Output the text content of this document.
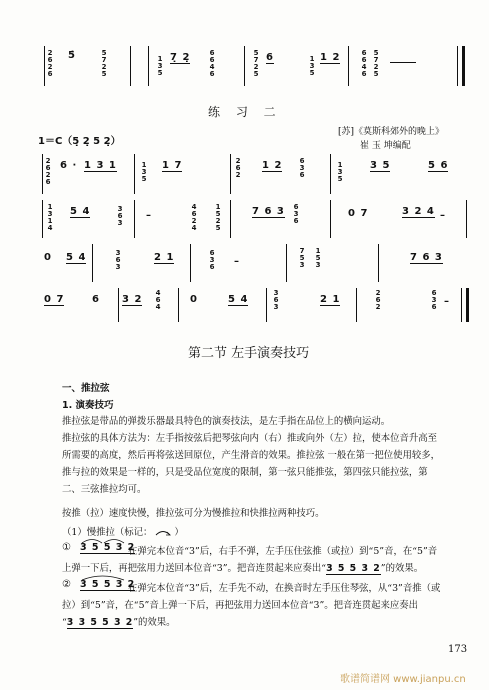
2
6
2
6
5̇	5
7
2
5
1
3
5
7̣ 2̣	6
6
4
6
5
7
2
5
6	1
3
5
1 2	6
6
4
6
5
7
2
5
练 习 二
1＝C（5̣ 2̣ 5 2̣）
[苏]《莫斯科郊外的晚上》
崔 玉 坤编配
2
6
2
6
6 · 1 3 1	1
3
5
1 7	2
6
2
1 2 6
3
6
1
3
5
3 5	5 6
1
3
1
4
5 4	3
6
3
–
4
6
2
4
1
5
2
5
7 6 3 6
3
6
0 7	3 2 4 –
0 5 4	3
6
3
2 1	6
3
6 –
7
5
3
1
5
3
7 6 3
0 7	6 3 2
4
6
4
0	5 4
3
6
3
2 1
2
6
2
6
3
6 –
第二节 左手演奏技巧
一、推拉弦
1. 演奏技巧
推拉弦是带品的弹拨乐器最具特色的演奏技法，是左手指在品位上的横向运动。
推拉弦的具体方法为：左手指按弦后把琴弦向内（右）推或向外（左）拉，使本位音升高至所需要的高度，然后再将弦送回原位，产生滑音的效果。推拉弦 一般在第一把位使用较多，推与拉的效果是一样的，只是受品位宽度的限制，第一弦只能推弦，第四弦只能拉弦，第二、三弦推拉均可。
按推（拉）速度快慢，推拉弦可分为慢推拉和快推拉两种技巧。
（1）慢推拉（标记： ）
① 3 5 5 3 2
在弹完本位音“3”后，右手不弹，左手压住弦推（或拉）到“5”音，在“5”音
上弹一下后，再把弦用力送回本位音“3”。把音连贯起来应奏出“3 5 5 3 2”的效果。
② 3 5 5 3 2
在弹完本位音“3”后，左手先不动，在换音时左手压住琴弦，从“3”音推（或
拉）到“5”音，在“5”音上弹一下后，再把弦用力送回本位音“3”。把音连贯起来应奏出
“3 3 5 5 3 2”的效果。
173
歌谱简谱网 www.jianpu.cn
